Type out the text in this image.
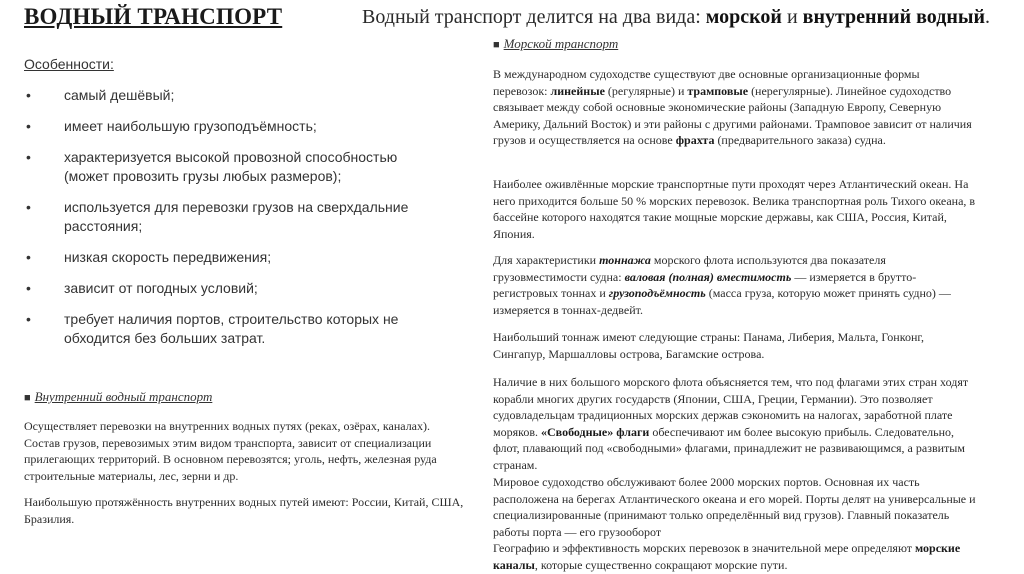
ВОДНЫЙ ТРАНСПОРТ	Водный транспорт делится на два вида: морской и внутренний водный.
Особенности:
• самый дешёвый;
• имеет наибольшую грузоподъёмность;
• характеризуется высокой провозной способностью (может провозить грузы любых размеров);
• используется для перевозки грузов на сверхдальние расстояния;
• низкая скорость передвижения;
• зависит от погодных условий;
• требует наличия портов, строительство которых не обходится без больших затрат.
■ Внутренний водный транспорт

Осуществляет перевозки на внутренних водных путях (реках, озёрах, каналах). Состав грузов, перевозимых этим видом транспорта, зависит от специализации прилегающих территорий. В основном перевозятся; уголь, нефть, железная руда строительные материалы, лес, зерни и др.

Наибольшую протяжённость внутренних водных путей имеют: России, Китай, США, Бразилия.

■ Морской транспорт

В международном судоходстве существуют две основные организационные формы перевозок: линейные (регулярные) и трамповые (нерегулярные). Линейное судоходство связывает между собой основные экономические районы (Западную Европу, Северную Америку, Дальний Восток) и эти районы с другими районами. Трамповое зависит от наличия грузов и осуществляется на основе фрахта (предварительного заказа) судна.

Наиболее оживлённые морские транспортные пути проходят через Атлантический океан. На него приходится больше 50 % морских перевозок. Велика транспортная роль Тихого океана, в бассейне которого находятся такие мощные морские державы, как США, Россия, Китай, Япония.

Для характеристики тоннажа морского флота используются два показателя грузовместимости судна: валовая (полная) вместимость — измеряется в брутто-регистровых тоннах и грузоподъёмность (масса груза, которую может принять судно) — измеряется в тоннах-дедвейт.

Наибольший тоннаж имеют следующие страны: Панама, Либерия, Мальта, Гонконг, Сингапур, Маршалловы острова, Багамские острова.

Наличие в них большого морского флота объясняется тем, что под флагами этих стран ходят корабли многих других государств (Японии, США, Греции, Германии). Это позволяет судовладельцам традиционных морских держав сэкономить на налогах, заработной плате моряков. «Свободные» флаги обеспечивают им более высокую прибыль. Следовательно, флот, плавающий под «свободными» флагами, принадлежит не развивающимся, а развитым странам.

Мировое судоходство обслуживают более 2000 морских портов. Основная их часть расположена на берегах Атлантического океана и его морей. Порты делят на универсальные и специализированные (принимают только определённый вид грузов). Главный показатель работы порта — его грузооборот

Географию и эффективность морских перевозок в значительной мере определяют морские каналы, которые существенно сокращают морские пути.
